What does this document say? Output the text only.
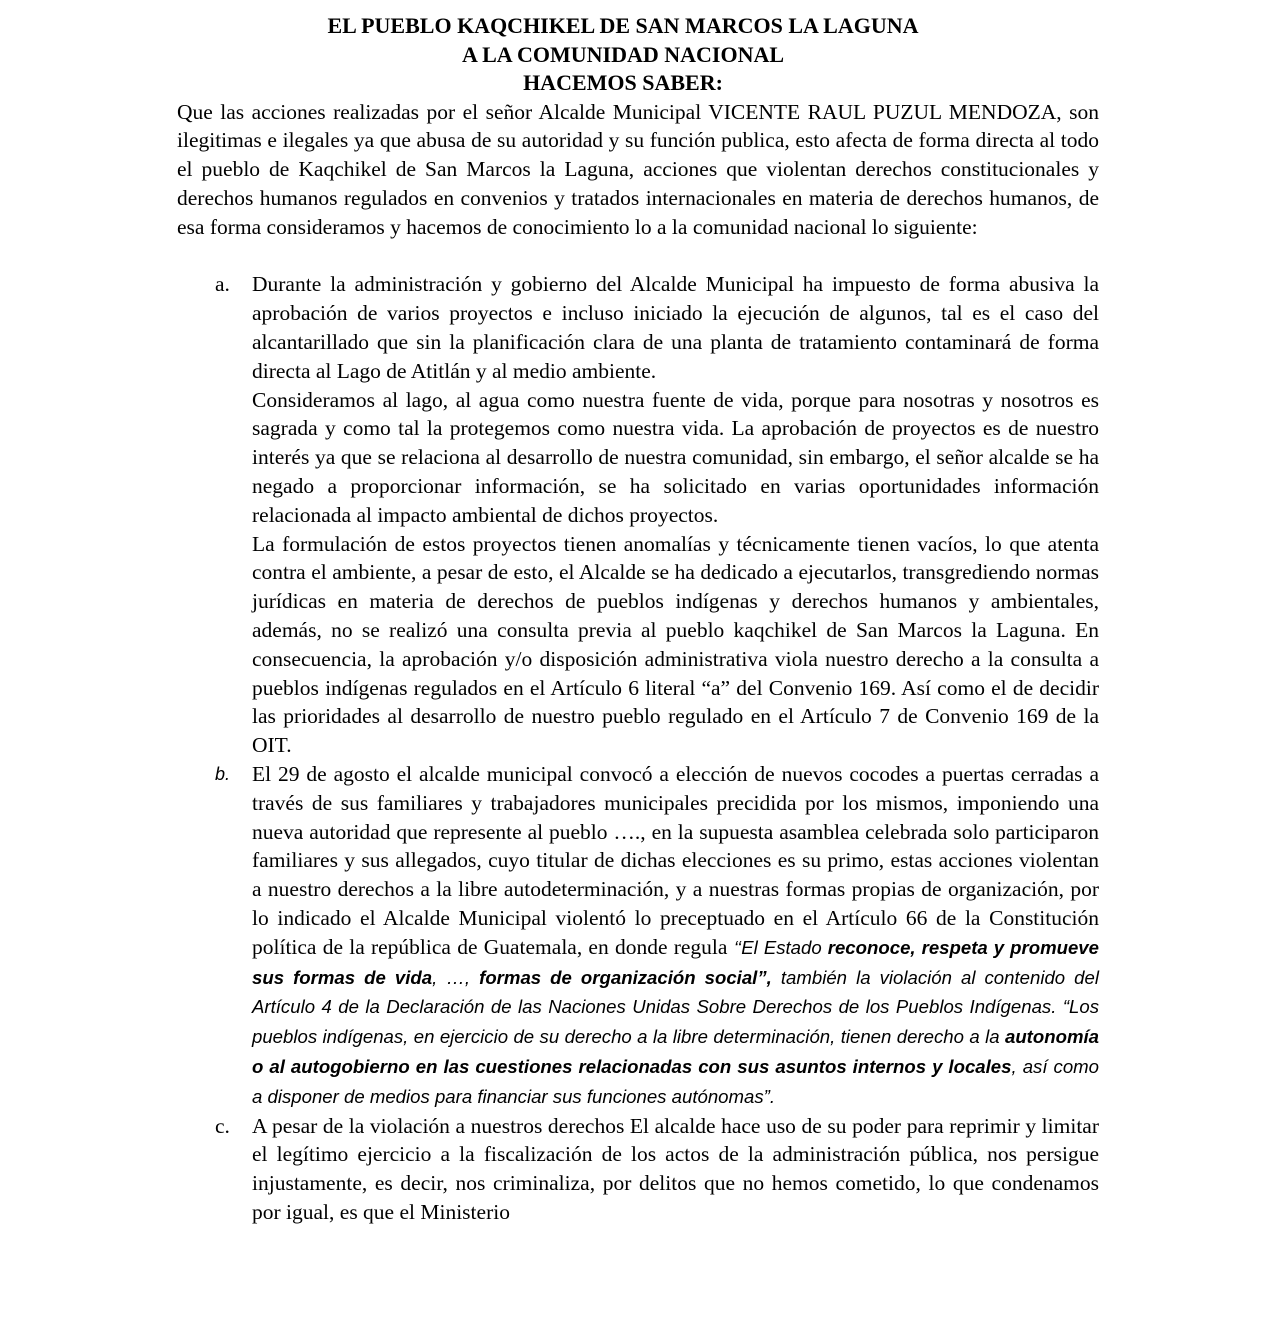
EL PUEBLO KAQCHIKEL DE SAN MARCOS LA LAGUNA
A LA COMUNIDAD NACIONAL
HACEMOS SABER:

Que las acciones realizadas por el señor Alcalde Municipal VICENTE RAUL PUZUL MENDOZA, son ilegitimas e ilegales ya que abusa de su autoridad y su función publica, esto afecta de forma directa al todo el pueblo de Kaqchikel de San Marcos la Laguna, acciones que violentan derechos constitucionales y derechos humanos regulados en convenios y tratados internacionales en materia de derechos humanos, de esa forma consideramos y hacemos de conocimiento lo a la comunidad nacional lo siguiente:

a. Durante la administración y gobierno del Alcalde Municipal ha impuesto de forma abusiva la aprobación de varios proyectos e incluso iniciado la ejecución de algunos, tal es el caso del alcantarillado que sin la planificación clara de una planta de tratamiento contaminará de forma directa al Lago de Atitlán y al medio ambiente.

Consideramos al lago, al agua como nuestra fuente de vida, porque para nosotras y nosotros es sagrada y como tal la protegemos como nuestra vida. La aprobación de proyectos es de nuestro interés ya que se relaciona al desarrollo de nuestra comunidad, sin embargo, el señor alcalde se ha negado a proporcionar información, se ha solicitado en varias oportunidades información relacionada al impacto ambiental de dichos proyectos.

La formulación de estos proyectos tienen anomalías y técnicamente tienen vacíos, lo que atenta contra el ambiente, a pesar de esto, el Alcalde se ha dedicado a ejecutarlos, transgrediendo normas jurídicas en materia de derechos de pueblos indígenas y derechos humanos y ambientales, además, no se realizó una consulta previa al pueblo kaqchikel de San Marcos la Laguna. En consecuencia, la aprobación y/o disposición administrativa viola nuestro derecho a la consulta a pueblos indígenas regulados en el Artículo 6 literal “a” del Convenio 169. Así como el de decidir las prioridades al desarrollo de nuestro pueblo regulado en el Artículo 7 de Convenio 169 de la OIT.

b. El 29 de agosto el alcalde municipal convocó a elección de nuevos cocodes a puertas cerradas a través de sus familiares y trabajadores municipales precidida por los mismos, imponiendo una nueva autoridad que represente al pueblo …., en la supuesta asamblea celebrada solo participaron familiares y sus allegados, cuyo titular de dichas elecciones es su primo, estas acciones violentan a nuestro derechos a la libre autodeterminación, y a nuestras formas propias de organización, por lo indicado el Alcalde Municipal violentó lo preceptuado en el Artículo 66 de la Constitución política de la república de Guatemala, en donde regula ‘‘El Estado reconoce, respeta y promueve sus formas de vida, …, formas de organización social”, también la violación al contenido del Artículo 4 de la Declaración de las Naciones Unidas Sobre Derechos de los Pueblos Indígenas. “Los pueblos indígenas, en ejercicio de su derecho a la libre determinación, tienen derecho a la autonomía o al autogobierno en las cuestiones relacionadas con sus asuntos internos y locales, así como a disponer de medios para financiar sus funciones autónomas”.

c. A pesar de la violación a nuestros derechos El alcalde hace uso de su poder para reprimir y limitar el legítimo ejercicio a la fiscalización de los actos de la administración pública, nos persigue injustamente, es decir, nos criminaliza, por delitos que no hemos cometido, lo que condenamos por igual, es que el Ministerio
